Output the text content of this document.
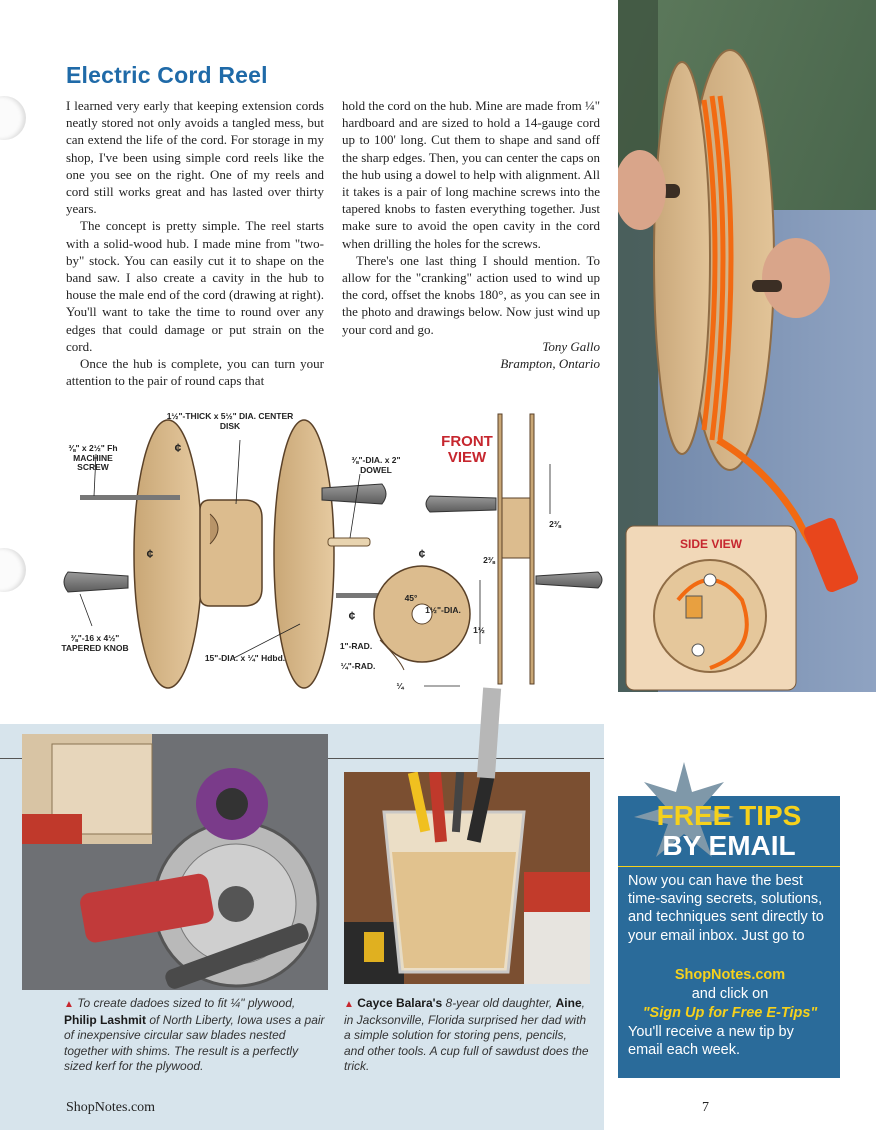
Electric Cord Reel

I learned very early that keeping extension cords neatly stored not only avoids a tangled mess, but can extend the life of the cord. For storage in my shop, I've been using simple cord reels like the one you see on the right. One of my reels and cord still works great and has lasted over thirty years.

The concept is pretty simple. The reel starts with a solid-wood hub. I made mine from "two-by" stock. You can easily cut it to shape on the band saw. I also create a cavity in the hub to house the male end of the cord (drawing at right). You'll want to take the time to round over any edges that could damage or put strain on the cord.

Once the hub is complete, you can turn your attention to the pair of round caps that

hold the cord on the hub. Mine are made from ¼" hardboard and are sized to hold a 14-gauge cord up to 100' long. Cut them to shape and sand off the sharp edges. Then, you can center the caps on the hub using a dowel to help with alignment. All it takes is a pair of long machine screws into the tapered knobs to fasten everything together. Just make sure to avoid the open cavity in the cord when drilling the holes for the screws.

There's one last thing I should mention. To allow for the "cranking" action used to wind up the cord, offset the knobs 180°, as you can see in the photo and drawings below. Now just wind up your cord and go.

Tony Gallo
Brampton, Ontario
SIDE VIEW
1½"-THICK x 5½" DIA. CENTER DISK
⅜" x 2½" Fh MACHINE SCREW
⅜"-DIA. x 2" DOWEL
⅜"-16 x 4½" TAPERED KNOB
15"-DIA. x ¼" Hdbd.
FRONT VIEW
45°
1½"-DIA.
1"-RAD.
¼"-RAD.
¼
2⅜
2⅜
1½
¢
¢	¢
¢
▲ To create dadoes sized to fit ¼" plywood, Philip Lashmit of North Liberty, Iowa uses a pair of inexpensive circular saw blades nested together with shims. The result is a perfectly sized kerf for the plywood.
▲ Cayce Balara's 8-year old daughter, Aine, in Jacksonville, Florida surprised her dad with a simple solution for storing pens, pencils, and other tools. A cup full of sawdust does the trick.
FREE TIPS
BY EMAIL
Now you can have the best time-saving secrets, solutions, and techniques sent directly to your email inbox. Just go to
ShopNotes.com
and click on
"Sign Up for Free E-Tips"
You'll receive a new tip by email each week.
ShopNotes.com	7
